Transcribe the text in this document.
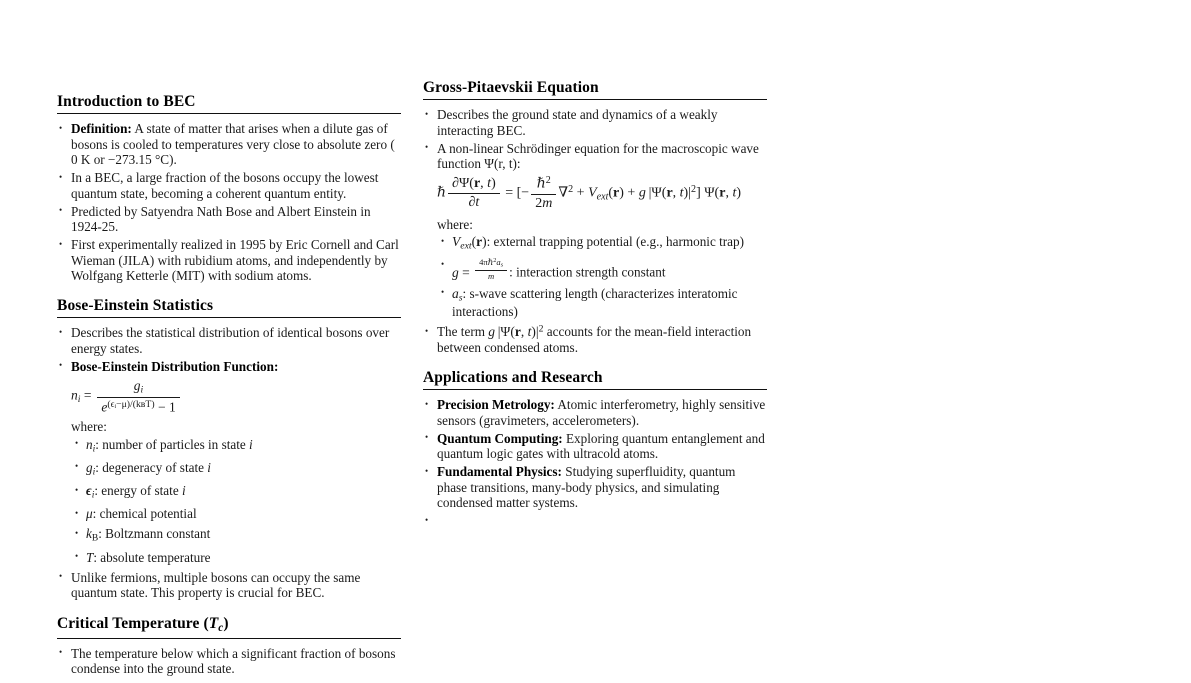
Introduction to BEC
• Definition: A state of matter that arises when a dilute gas of bosons is cooled to temperatures very close to absolute zero ( 0 K or −273.15 °C).
• In a BEC, a large fraction of the bosons occupy the lowest quantum state, becoming a coherent quantum entity.
• Predicted by Satyendra Nath Bose and Albert Einstein in 1924-25.
• First experimentally realized in 1995 by Eric Cornell and Carl Wieman (JILA) with rubidium atoms, and independently by Wolfgang Ketterle (MIT) with sodium atoms.
Bose-Einstein Statistics
• Describes the statistical distribution of identical bosons over energy states.
• Bose-Einstein Distribution Function:
$n_i = \frac{g_i}{e^{(\epsilon ᵢ-\mu)/(kʙT)} - 1}$
where:
• $n_i$: number of particles in state i
• $g_i$: degeneracy of state i
• $\epsilon_i$: energy of state i
• μ: chemical potential
• $k_B$: Boltzmann constant
• T: absolute temperature
• Unlike fermions, multiple bosons can occupy the same quantum state. This property is crucial for BEC.
Critical Temperature $(T_c)$
• The temperature below which a significant fraction of bosons condense into the ground state.
Gross-Pitaevskii Equation
• Describes the ground state and dynamics of a weakly interacting BEC.
• A non-linear Schrödinger equation for the macroscopic wave function Ψ(r, t):
ℏ $\frac{\partial\Psi(r, t)}{\partial t}$ = [− $\frac{\hbar^2}{2m} \nabla^2 + V_{ext}(r) + g$ |Ψ(r, $t)|^2$] Ψ(r, t)
where:
• $V_{ext}(r)$: external trapping potential (e.g., harmonic trap)
• $g = \frac{4\pi\hbar^2a_s}{m}$ : interaction strength constant
• $a_s$: s-wave scattering length (characterizes interatomic interactions)
• The term g |Ψ(r, $t)|^2$ accounts for the mean-field interaction between condensed atoms.
Applications and Research
• Precision Metrology: Atomic interferometry, highly sensitive sensors (gravimeters, accelerometers).
• Quantum Computing: Exploring quantum entanglement and quantum logic gates with ultracold atoms.
• Fundamental Physics: Studying superfluidity, quantum phase transitions, many-body physics, and simulating condensed matter systems.
•
